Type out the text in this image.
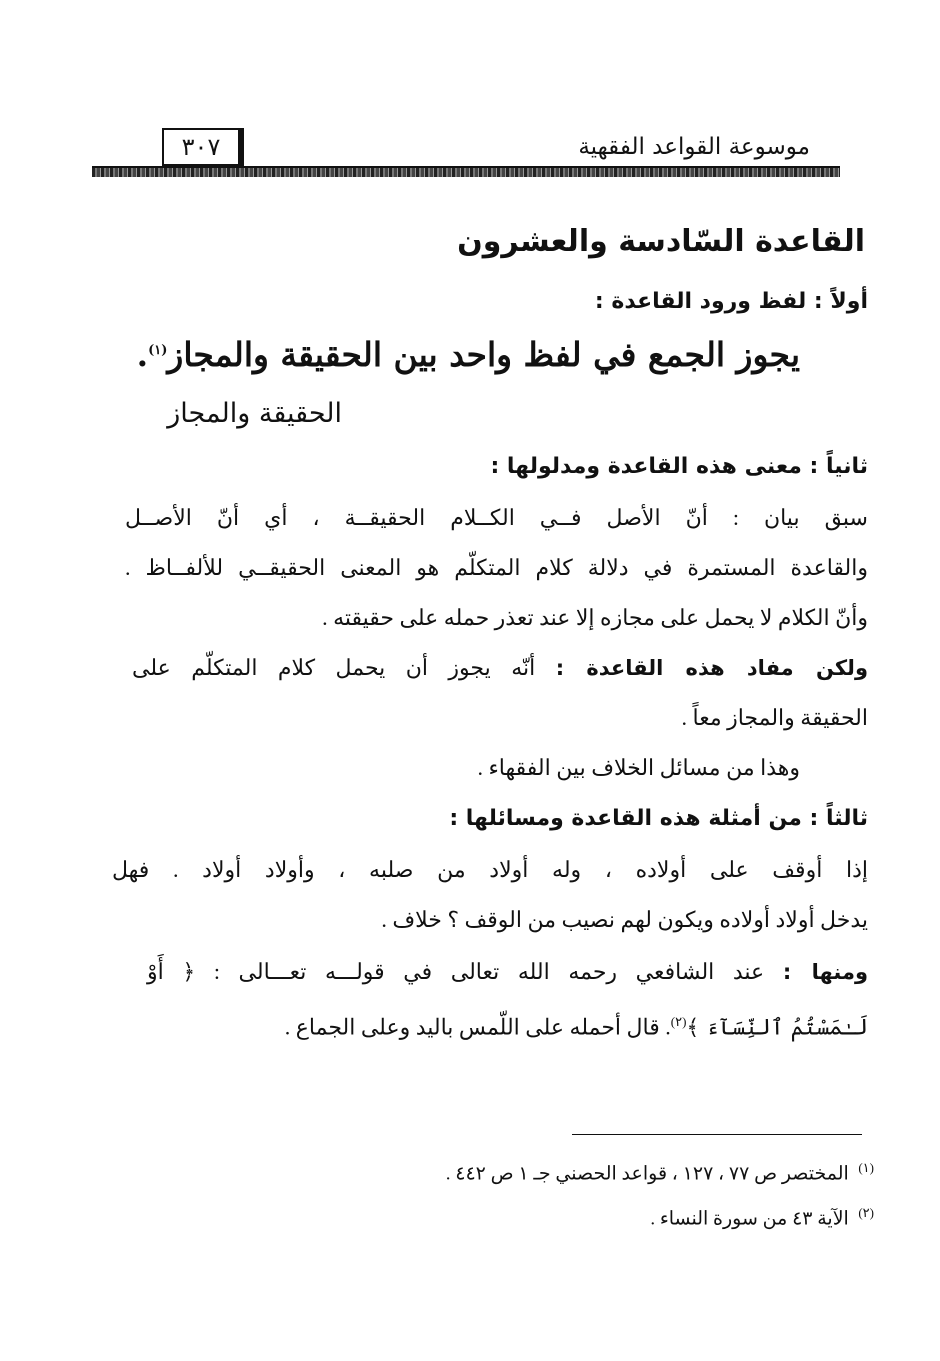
موسوعة القواعد الفقهية
٣٠٧
القاعدة السّادسة والعشرون
أولاً : لفظ ورود القاعدة :
يجوز الجمع في لفظ واحد بين الحقيقة والمجاز$^{(١)}$.
الحقيقة والمجاز
ثانياً : معنى هذه القاعدة ومدلولها :
سبق بيان : أنّ الأصل فــي الكــلام الحقيقــة ، أي أنّ الأصــل
والقاعدة المستمرة في دلالة كلام المتكلّم هو المعنى الحقيقــي للألفــاظ .
وأنّ الكلام لا يحمل على مجازه إلا عند تعذر حمله على حقيقته .
ولكن مفاد هذه القاعدة : أنّه يجوز أن يحمل كلام المتكلّم على
الحقيقة والمجاز معاً .
وهذا من مسائل الخلاف بين الفقهاء .
ثالثاً : من أمثلة هذه القاعدة ومسائلها :
إذا أوقف على أولاده ، وله أولاد من صلبه ، وأولاد أولاد . فهل
يدخل أولاد أولاده ويكون لهم نصيب من الوقف ؟ خلاف .
ومنها : عند الشافعي رحمه الله تعالى في قولـــه تعـــالى : ﴿ أَوْ
لَـٰمَسْتُمُ ٱلنِّسَآءَ ﴾$^{(٢)}$. قال أحمله على اللّمس باليد وعلى الجماع .
$^{(١)}$  المختصر ص ٧٧ ، ١٢٧ ، قواعد الحصني جـ ١ ص ٤٤٢ .
$^{(٢)}$  الآية ٤٣ من سورة النساء .
